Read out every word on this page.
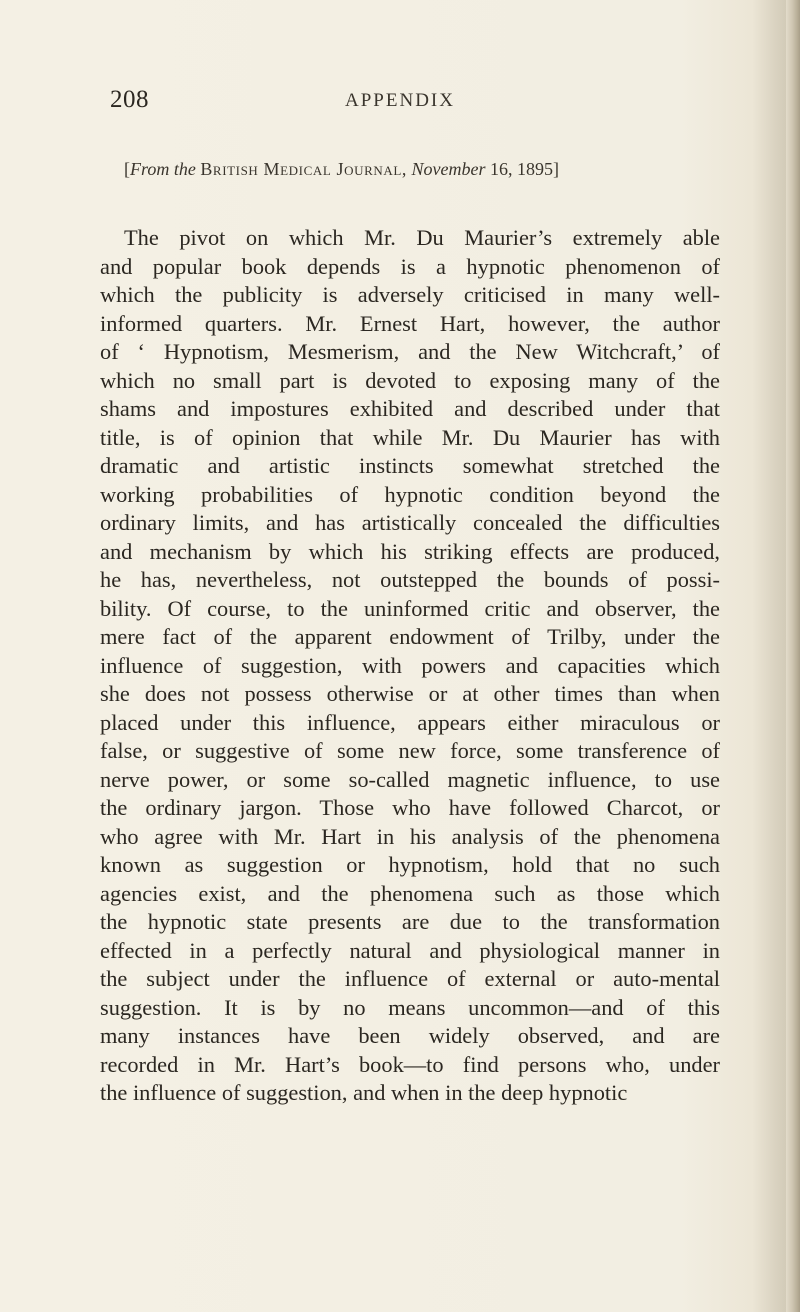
208	APPENDIX
[From the British Medical Journal, November 16, 1895]
The pivot on which Mr. Du Maurier’s extremely able
and popular book depends is a hypnotic phenomenon of
which the publicity is adversely criticised in many well-
informed quarters. Mr. Ernest Hart, however, the author
of ‘ Hypnotism, Mesmerism, and the New Witchcraft,’ of
which no small part is devoted to exposing many of the
shams and impostures exhibited and described under that
title, is of opinion that while Mr. Du Maurier has with
dramatic and artistic instincts somewhat stretched the
working probabilities of hypnotic condition beyond the
ordinary limits, and has artistically concealed the difficulties
and mechanism by which his striking effects are produced,
he has, nevertheless, not outstepped the bounds of possi-
bility. Of course, to the uninformed critic and observer, the
mere fact of the apparent endowment of Trilby, under the
influence of suggestion, with powers and capacities which
she does not possess otherwise or at other times than when
placed under this influence, appears either miraculous or
false, or suggestive of some new force, some transference of
nerve power, or some so-called magnetic influence, to use
the ordinary jargon. Those who have followed Charcot, or
who agree with Mr. Hart in his analysis of the phenomena
known as suggestion or hypnotism, hold that no such
agencies exist, and the phenomena such as those which
the hypnotic state presents are due to the transformation
effected in a perfectly natural and physiological manner in
the subject under the influence of external or auto-mental
suggestion. It is by no means uncommon—and of this
many instances have been widely observed, and are
recorded in Mr. Hart’s book—to find persons who, under
the influence of suggestion, and when in the deep hypnotic
